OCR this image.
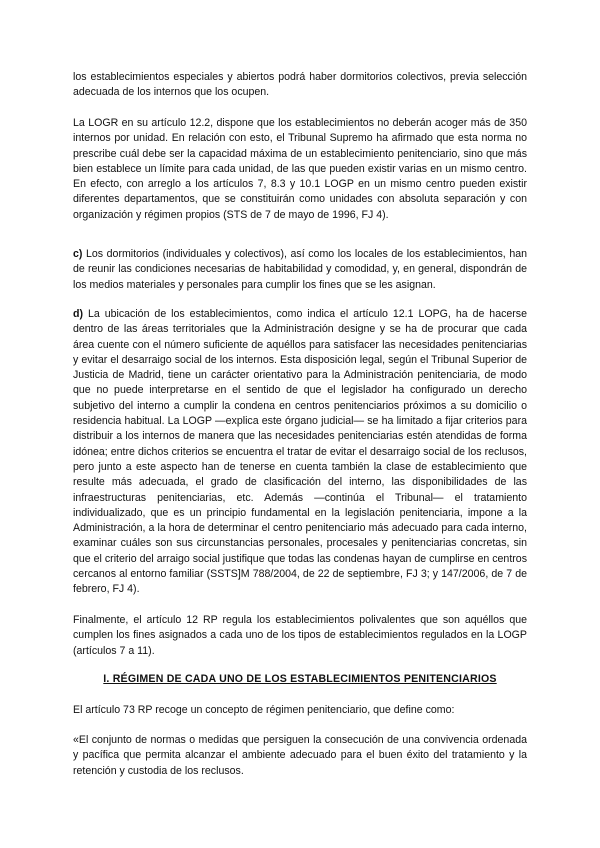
los establecimientos especiales y abiertos podrá haber dormitorios colectivos, previa selección adecuada de los internos que los ocupen.

La LOGR en su artículo 12.2, dispone que los establecimientos no deberán acoger más de 350 internos por unidad. En relación con esto, el Tribunal Supremo ha afirmado que esta norma no prescribe cuál debe ser la capacidad máxima de un establecimiento penitenciario, sino que más bien establece un límite para cada unidad, de las que pueden existir varias en un mismo centro. En efecto, con arreglo a los artículos 7, 8.3 y 10.1 LOGP en un mismo centro pueden existir diferentes departamentos, que se constituirán como unidades con absoluta separación y con organización y régimen propios (STS de 7 de mayo de 1996, FJ 4).

c) Los dormitorios (individuales y colectivos), así como los locales de los establecimientos, han de reunir las condiciones necesarias de habitabilidad y comodidad, y, en general, dispondrán de los medios materiales y personales para cumplir los fines que se les asignan.

d) La ubicación de los establecimientos, como indica el artículo 12.1 LOPG, ha de hacerse dentro de las áreas territoriales que la Administración designe y se ha de procurar que cada área cuente con el número suficiente de aquéllos para satisfacer las necesidades penitenciarias y evitar el desarraigo social de los internos. Esta disposición legal, según el Tribunal Superior de Justicia de Madrid, tiene un carácter orientativo para la Administración penitenciaria, de modo que no puede interpretarse en el sentido de que el legislador ha configurado un derecho subjetivo del interno a cumplir la condena en centros penitenciarios próximos a su domicilio o residencia habitual. La LOGP —explica este órgano judicial— se ha limitado a fijar criterios para distribuir a los internos de manera que las necesidades penitenciarias estén atendidas de forma idónea; entre dichos criterios se encuentra el tratar de evitar el desarraigo social de los reclusos, pero junto a este aspecto han de tenerse en cuenta también la clase de establecimiento que resulte más adecuada, el grado de clasificación del interno, las disponibilidades de las infraestructuras penitenciarias, etc. Además —continúa el Tribunal— el tratamiento individualizado, que es un principio fundamental en la legislación penitenciaria, impone a la Administración, a la hora de determinar el centro penitenciario más adecuado para cada interno, examinar cuáles son sus circunstancias personales, procesales y penitenciarias concretas, sin que el criterio del arraigo social justifique que todas las condenas hayan de cumplirse en centros cercanos al entorno familiar (SSTS]M 788/2004, de 22 de septiembre, FJ 3; y 147/2006, de 7 de febrero, FJ 4).

Finalmente, el artículo 12 RP regula los establecimientos polivalentes que son aquéllos que cumplen los fines asignados a cada uno de los tipos de establecimientos regulados en la LOGP (artículos 7 a 11).

I. RÉGIMEN DE CADA UNO DE LOS ESTABLECIMIENTOS PENITENCIARIOS

El artículo 73 RP recoge un concepto de régimen penitenciario, que define como:

«El conjunto de normas o medidas que persiguen la consecución de una convivencia ordenada y pacífica que permita alcanzar el ambiente adecuado para el buen éxito del tratamiento y la retención y custodia de los reclusos.
